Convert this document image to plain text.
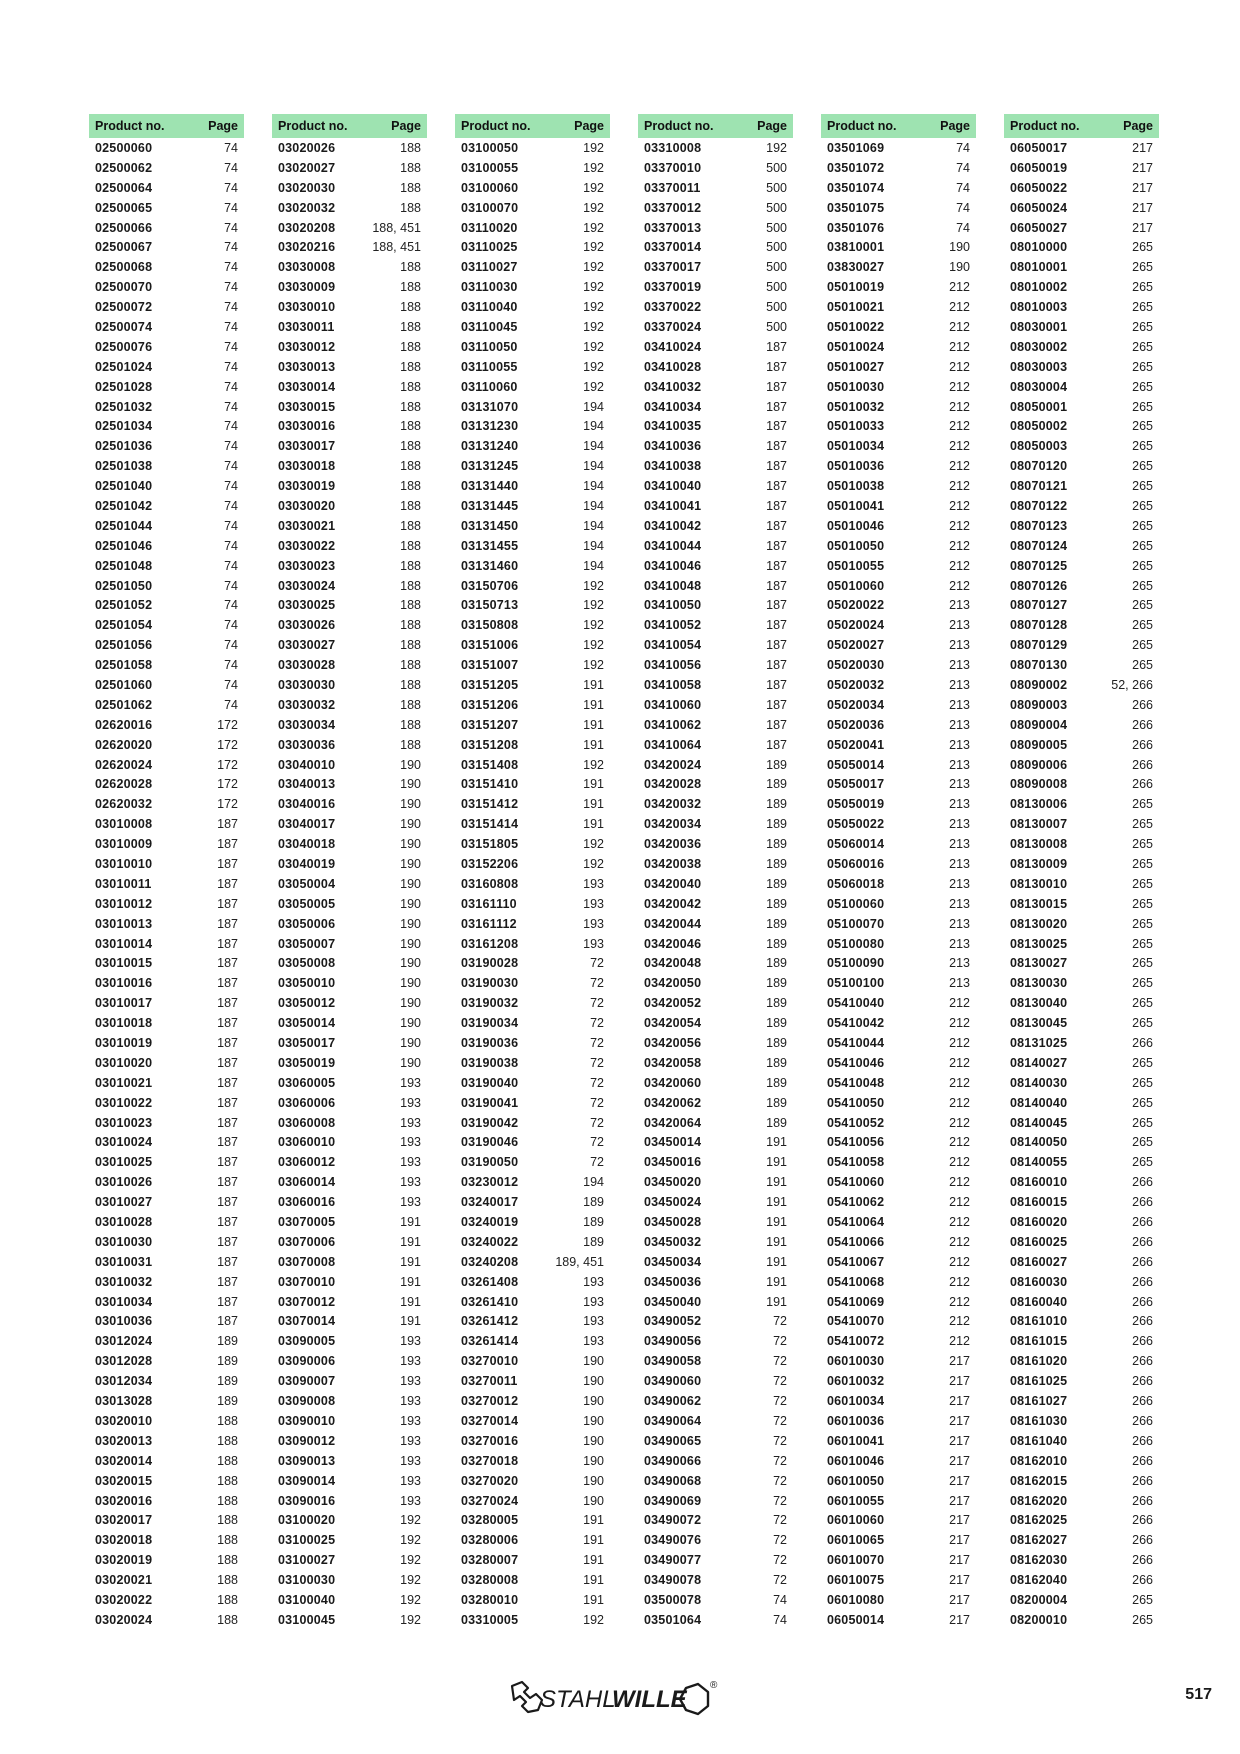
Product no.	Page
02500060	74
02500062	74
02500064	74
02500065	74
02500066	74
02500067	74
02500068	74
02500070	74
02500072	74
02500074	74
02500076	74
02501024	74
02501028	74
02501032	74
02501034	74
02501036	74
02501038	74
02501040	74
02501042	74
02501044	74
02501046	74
02501048	74
02501050	74
02501052	74
02501054	74
02501056	74
02501058	74
02501060	74
02501062	74
02620016	172
02620020	172
02620024	172
02620028	172
02620032	172
03010008	187
03010009	187
03010010	187
03010011	187
03010012	187
03010013	187
03010014	187
03010015	187
03010016	187
03010017	187
03010018	187
03010019	187
03010020	187
03010021	187
03010022	187
03010023	187
03010024	187
03010025	187
03010026	187
03010027	187
03010028	187
03010030	187
03010031	187
03010032	187
03010034	187
03010036	187
03012024	189
03012028	189
03012034	189
03013028	189
03020010	188
03020013	188
03020014	188
03020015	188
03020016	188
03020017	188
03020018	188
03020019	188
03020021	188
03020022	188
03020024	188
Product no.	Page
03020026	188
03020027	188
03020030	188
03020032	188
03020208	188, 451
03020216	188, 451
03030008	188
03030009	188
03030010	188
03030011	188
03030012	188
03030013	188
03030014	188
03030015	188
03030016	188
03030017	188
03030018	188
03030019	188
03030020	188
03030021	188
03030022	188
03030023	188
03030024	188
03030025	188
03030026	188
03030027	188
03030028	188
03030030	188
03030032	188
03030034	188
03030036	188
03040010	190
03040013	190
03040016	190
03040017	190
03040018	190
03040019	190
03050004	190
03050005	190
03050006	190
03050007	190
03050008	190
03050010	190
03050012	190
03050014	190
03050017	190
03050019	190
03060005	193
03060006	193
03060008	193
03060010	193
03060012	193
03060014	193
03060016	193
03070005	191
03070006	191
03070008	191
03070010	191
03070012	191
03070014	191
03090005	193
03090006	193
03090007	193
03090008	193
03090010	193
03090012	193
03090013	193
03090014	193
03090016	193
03100020	192
03100025	192
03100027	192
03100030	192
03100040	192
03100045	192
Product no.	Page
03100050	192
03100055	192
03100060	192
03100070	192
03110020	192
03110025	192
03110027	192
03110030	192
03110040	192
03110045	192
03110050	192
03110055	192
03110060	192
03131070	194
03131230	194
03131240	194
03131245	194
03131440	194
03131445	194
03131450	194
03131455	194
03131460	194
03150706	192
03150713	192
03150808	192
03151006	192
03151007	192
03151205	191
03151206	191
03151207	191
03151208	191
03151408	192
03151410	191
03151412	191
03151414	191
03151805	192
03152206	192
03160808	193
03161110	193
03161112	193
03161208	193
03190028	72
03190030	72
03190032	72
03190034	72
03190036	72
03190038	72
03190040	72
03190041	72
03190042	72
03190046	72
03190050	72
03230012	194
03240017	189
03240019	189
03240022	189
03240208	189, 451
03261408	193
03261410	193
03261412	193
03261414	193
03270010	190
03270011	190
03270012	190
03270014	190
03270016	190
03270018	190
03270020	190
03270024	190
03280005	191
03280006	191
03280007	191
03280008	191
03280010	191
03310005	192
Product no.	Page
03310008	192
03370010	500
03370011	500
03370012	500
03370013	500
03370014	500
03370017	500
03370019	500
03370022	500
03370024	500
03410024	187
03410028	187
03410032	187
03410034	187
03410035	187
03410036	187
03410038	187
03410040	187
03410041	187
03410042	187
03410044	187
03410046	187
03410048	187
03410050	187
03410052	187
03410054	187
03410056	187
03410058	187
03410060	187
03410062	187
03410064	187
03420024	189
03420028	189
03420032	189
03420034	189
03420036	189
03420038	189
03420040	189
03420042	189
03420044	189
03420046	189
03420048	189
03420050	189
03420052	189
03420054	189
03420056	189
03420058	189
03420060	189
03420062	189
03420064	189
03450014	191
03450016	191
03450020	191
03450024	191
03450028	191
03450032	191
03450034	191
03450036	191
03450040	191
03490052	72
03490056	72
03490058	72
03490060	72
03490062	72
03490064	72
03490065	72
03490066	72
03490068	72
03490069	72
03490072	72
03490076	72
03490077	72
03490078	72
03500078	74
03501064	74
Product no.	Page
03501069	74
03501072	74
03501074	74
03501075	74
03501076	74
03810001	190
03830027	190
05010019	212
05010021	212
05010022	212
05010024	212
05010027	212
05010030	212
05010032	212
05010033	212
05010034	212
05010036	212
05010038	212
05010041	212
05010046	212
05010050	212
05010055	212
05010060	212
05020022	213
05020024	213
05020027	213
05020030	213
05020032	213
05020034	213
05020036	213
05020041	213
05050014	213
05050017	213
05050019	213
05050022	213
05060014	213
05060016	213
05060018	213
05100060	213
05100070	213
05100080	213
05100090	213
05100100	213
05410040	212
05410042	212
05410044	212
05410046	212
05410048	212
05410050	212
05410052	212
05410056	212
05410058	212
05410060	212
05410062	212
05410064	212
05410066	212
05410067	212
05410068	212
05410069	212
05410070	212
05410072	212
06010030	217
06010032	217
06010034	217
06010036	217
06010041	217
06010046	217
06010050	217
06010055	217
06010060	217
06010065	217
06010070	217
06010075	217
06010080	217
06050014	217
Product no.	Page
06050017	217
06050019	217
06050022	217
06050024	217
06050027	217
08010000	265
08010001	265
08010002	265
08010003	265
08030001	265
08030002	265
08030003	265
08030004	265
08050001	265
08050002	265
08050003	265
08070120	265
08070121	265
08070122	265
08070123	265
08070124	265
08070125	265
08070126	265
08070127	265
08070128	265
08070129	265
08070130	265
08090002	52, 266
08090003	266
08090004	266
08090005	266
08090006	266
08090008	266
08130006	265
08130007	265
08130008	265
08130009	265
08130010	265
08130015	265
08130020	265
08130025	265
08130027	265
08130030	265
08130040	265
08130045	265
08131025	266
08140027	265
08140030	265
08140040	265
08140045	265
08140050	265
08140055	265
08160010	266
08160015	266
08160020	266
08160025	266
08160027	266
08160030	266
08160040	266
08161010	266
08161015	266
08161020	266
08161025	266
08161027	266
08161030	266
08161040	266
08162010	266
08162015	266
08162020	266
08162025	266
08162027	266
08162030	266
08162040	266
08200004	265
08200010	265
STAHL
WILLE
®
517
